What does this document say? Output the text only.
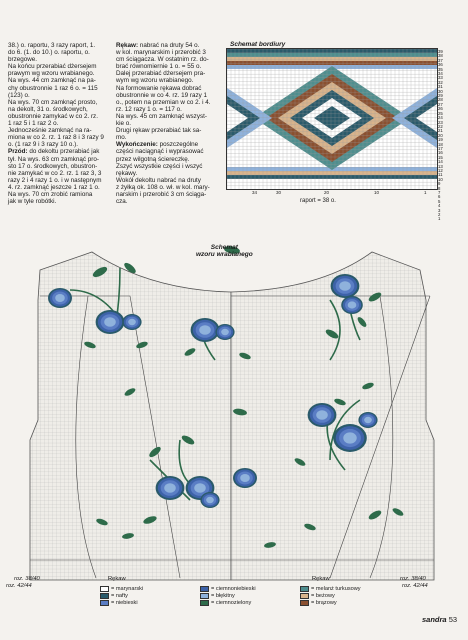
38.) o. raportu, 3 razy raport, 1.

do 6. (1. do 10.) o. raportu, o.

brzegowe.

Na końcu przerabiać dżersejem

prawym wg wzoru wrabianego.

Na wys. 44 cm zamknąć na pa-

chy obustronnie 1 raz 6 o. = 115

(123) o.

Na wys. 70 cm zamknąć prosto,

na dekolt, 31 o. środkowych,

obustronnie zamykać w co 2. rz.

1 raz 5 i 1 raz 2 o.

Jednocześnie zamknąć na ra-

miona w co 2. rz. 1 raz 8 i 3 razy 9

o. (1 raz 9 i 3 razy 10 o.).

Przód: do dekoltu przerabiać jak

tył. Na wys. 63 cm zamknąć pro-

sto 17 o. środkowych, obustron-

nie zamykać w co 2. rz. 1 raz 3, 3

razy 2 i 4 razy 1 o. i w następnym

4. rz. zamknąć jeszcze 1 raz 1 o.

Na wys. 70 cm zrobić ramiona

jak w tyle robótki.

Rękaw: nabrać na druty 54 o.

w kol. marynarskim i przerobić 3

cm ściągacza. W ostatnim rz. do-

brać równomiernie 1 o. = 55 o.

Dalej przerabiać dżersejem pra-

wym wg wzoru wrabianego.

Na formowanie rękawa dobrać

obustronnie w co 4. rz. 19 razy 1

o., potem na przemian w co 2. i 4.

rz. 12 razy 1 o. = 117 o.

Na wys. 45 cm zamknąć wszyst-

kie o.

Drugi rękaw przerabiać tak sa-

mo.

Wykończenie: poszczególne

części naciągnąć i wyprasować

przez wilgotną ściereczkę.

Zszyć wszystkie części i wszyć

rękawy.

Wokół dekoltu nabrać na druty

z żyłką ok. 108 o. wł. w kol. mary-

narskim i przerobić 3 cm ściąga-

cza.

Schemat bordiury
39
38
37
36
35
34
33
32
31
30
29
28
27
26
25
24
23
22
21
20
19
18
17
16
15
14
13
12
11
10
9
8
7
6
5
4
3
2
1
34	30	20	10	1
raport = 38 o.
Schemat
wzoru wrabianego
roz. 38/40
roz. 42/44
roz. 38/40
roz. 42/44
Rękaw	Rękaw
= marynarski	= ciemnoniebieski	= melanż turkusowy
= nafty	= błękitny	= beżowy
= niebieski	= ciemnozielony	= brązowy
sandra 53
